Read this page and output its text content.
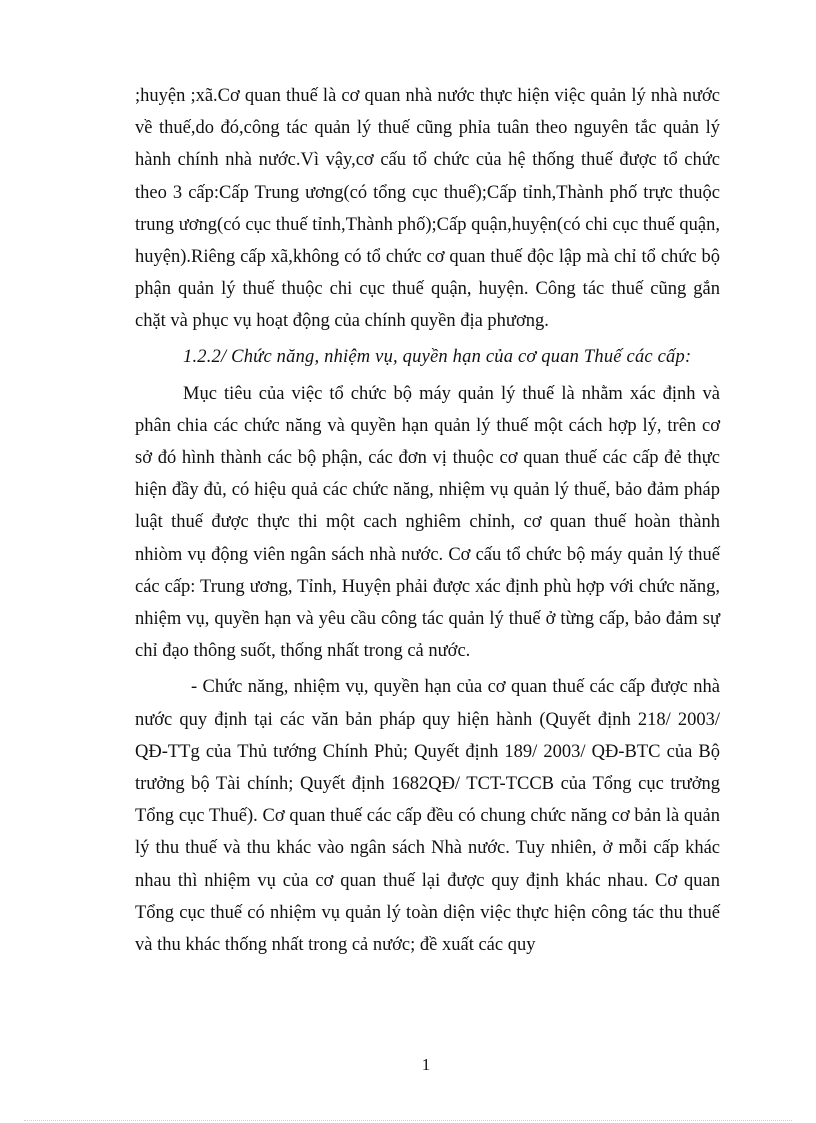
;huyện ;xã.Cơ quan thuế là cơ quan nhà nước thực hiện việc quản lý nhà nước về thuế,do đó,công tác quản lý thuế cũng phỉa tuân theo nguyên tắc quản lý hành chính nhà nước.Vì vậy,cơ cấu tổ chức của hệ thống thuế được tổ chức theo 3 cấp:Cấp Trung ương(có tổng cục thuế);Cấp tỉnh,Thành phố trực thuộc trung ương(có cục thuế tỉnh,Thành phố);Cấp quận,huyện(có chi cục thuế quận, huyện).Riêng cấp xã,không có tổ chức cơ quan thuế độc lập mà chỉ tổ chức bộ phận quản lý thuế thuộc chi cục thuế quận, huyện. Công tác thuế cũng gắn chặt và phục vụ hoạt động của chính quyền địa phương.

1.2.2/ Chức năng, nhiệm vụ, quyền hạn của cơ quan Thuế các cấp:

Mục tiêu của việc tổ chức bộ máy quản lý thuế là nhằm xác định và phân chia các chức năng và quyền hạn quản lý thuế một cách hợp lý, trên cơ sở đó hình thành các bộ phận, các đơn vị thuộc cơ quan thuế các cấp đẻ thực hiện đầy đủ, có hiệu quả các chức năng, nhiệm vụ quản lý thuế, bảo đảm pháp luật thuế được thực thi một cach nghiêm chỉnh, cơ quan thuế hoàn thành nhiòm vụ động viên ngân sách nhà nước. Cơ cấu tổ chức bộ máy quản lý thuế các cấp: Trung ương, Tỉnh, Huyện phải được xác định phù hợp với chức năng, nhiệm vụ, quyền hạn và yêu cầu công tác quản lý thuế ở từng cấp, bảo đảm sự chỉ đạo thông suốt, thống nhất trong cả nước.

- Chức năng, nhiệm vụ, quyền hạn của cơ quan thuế các cấp được nhà nước quy định tại các văn bản pháp quy hiện hành (Quyết định 218/ 2003/ QĐ-TTg của Thủ tướng Chính Phủ; Quyết định 189/ 2003/ QĐ-BTC của Bộ trưởng bộ Tài chính; Quyết định 1682QĐ/ TCT-TCCB của Tổng cục trưởng Tổng cục Thuế). Cơ quan thuế các cấp đều có chung chức năng cơ bản là quản lý thu thuế và thu khác vào ngân sách Nhà nước. Tuy nhiên, ở mỗi cấp khác nhau thì nhiệm vụ của cơ quan thuế lại được quy định khác nhau. Cơ quan Tổng cục thuế có nhiệm vụ quản lý toàn diện việc thực hiện công tác thu thuế và thu khác thống nhất trong cả nước; đề xuất các quy

1
